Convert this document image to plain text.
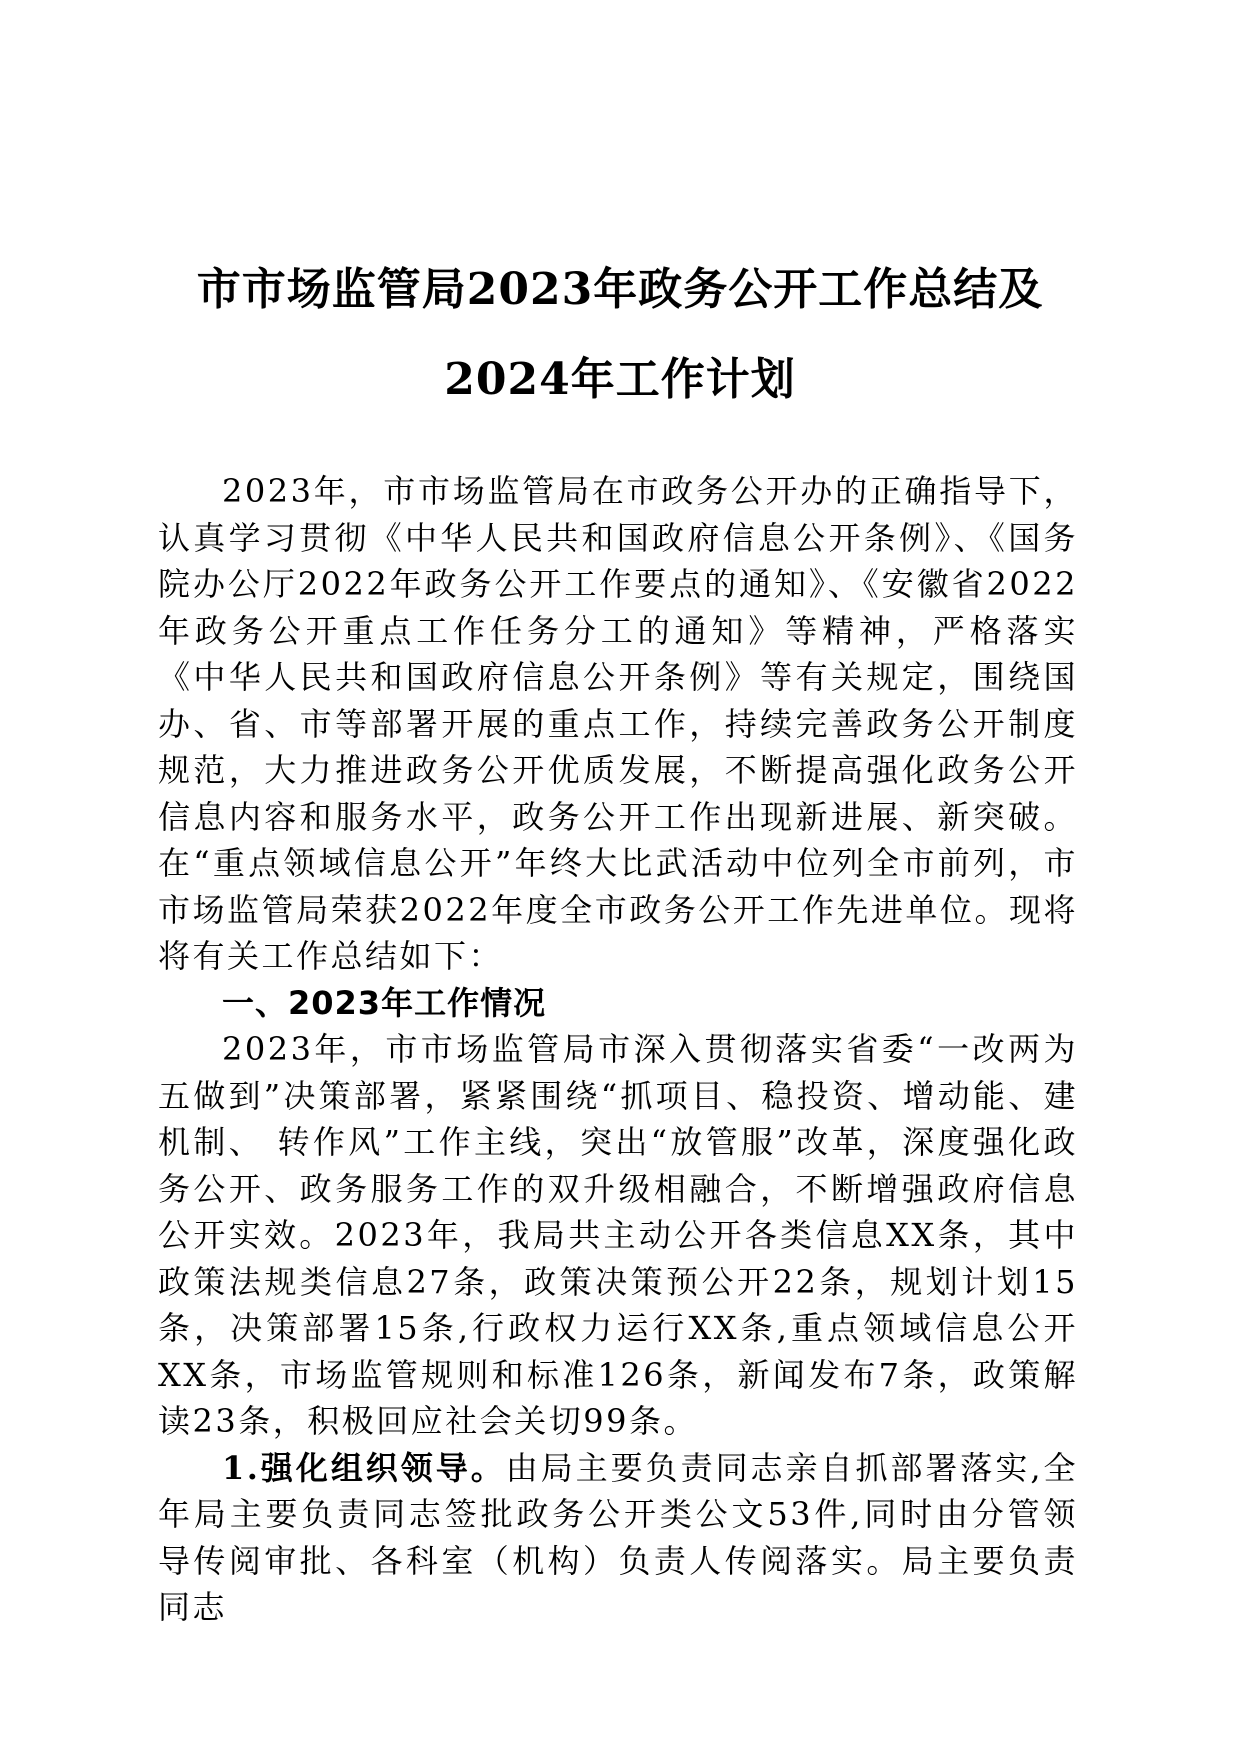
市市场监管局2023年政务公开工作总结及
2024年工作计划

2023年，市市场监管局在市政务公开办的正确指导下，认真学习贯彻《中华人民共和国政府信息公开条例》、《国务院办公厅2022年政务公开工作要点的通知》、《安徽省2022年政务公开重点工作任务分工的通知》等精神，严格落实《中华人民共和国政府信息公开条例》等有关规定，围绕国办、省、市等部署开展的重点工作，持续完善政务公开制度规范，大力推进政务公开优质发展，不断提高强化政务公开信息内容和服务水平，政务公开工作出现新进展、新突破。在“重点领域信息公开”年终大比武活动中位列全市前列，市市场监管局荣获2022年度全市政务公开工作先进单位。现将将有关工作总结如下：

一、2023年工作情况

2023年，市市场监管局市深入贯彻落实省委“一改两为五做到”决策部署，紧紧围绕“抓项目、稳投资、增动能、建机制、 转作风”工作主线，突出“放管服”改革，深度强化政务公开、政务服务工作的双升级相融合，不断增强政府信息公开实效。2023年，我局共主动公开各类信息XX条，其中政策法规类信息27条，政策决策预公开22条，规划计划15条，决策部署15条,行政权力运行XX条,重点领域信息公开XX条，市场监管规则和标准126条，新闻发布7条，政策解读23条，积极回应社会关切99条。

1.强化组织领导。由局主要负责同志亲自抓部署落实,全年局主要负责同志签批政务公开类公文53件,同时由分管领导传阅审批、各科室（机构）负责人传阅落实。局主要负责同志
